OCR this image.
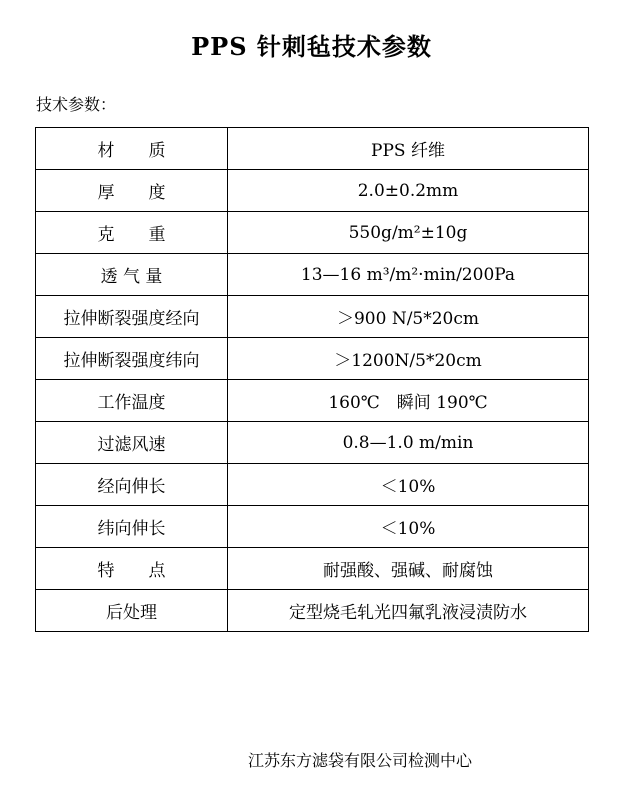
PPS 针刺毡技术参数
技术参数：
材　　质	PPS 纤维
厚　　度	2.0±0.2mm
克　　重	550g/m²±10g
透 气 量	13—16 m³/m²·min/200Pa
拉伸断裂强度经向	＞900 N/5*20cm
拉伸断裂强度纬向	＞1200N/5*20cm
工作温度	160℃　瞬间 190℃
过滤风速	0.8—1.0 m/min
经向伸长	＜10%
纬向伸长	＜10%
特　　点	耐强酸、强碱、耐腐蚀
后处理	定型烧毛轧光四氟乳液浸渍防水
江苏东方滤袋有限公司检测中心
